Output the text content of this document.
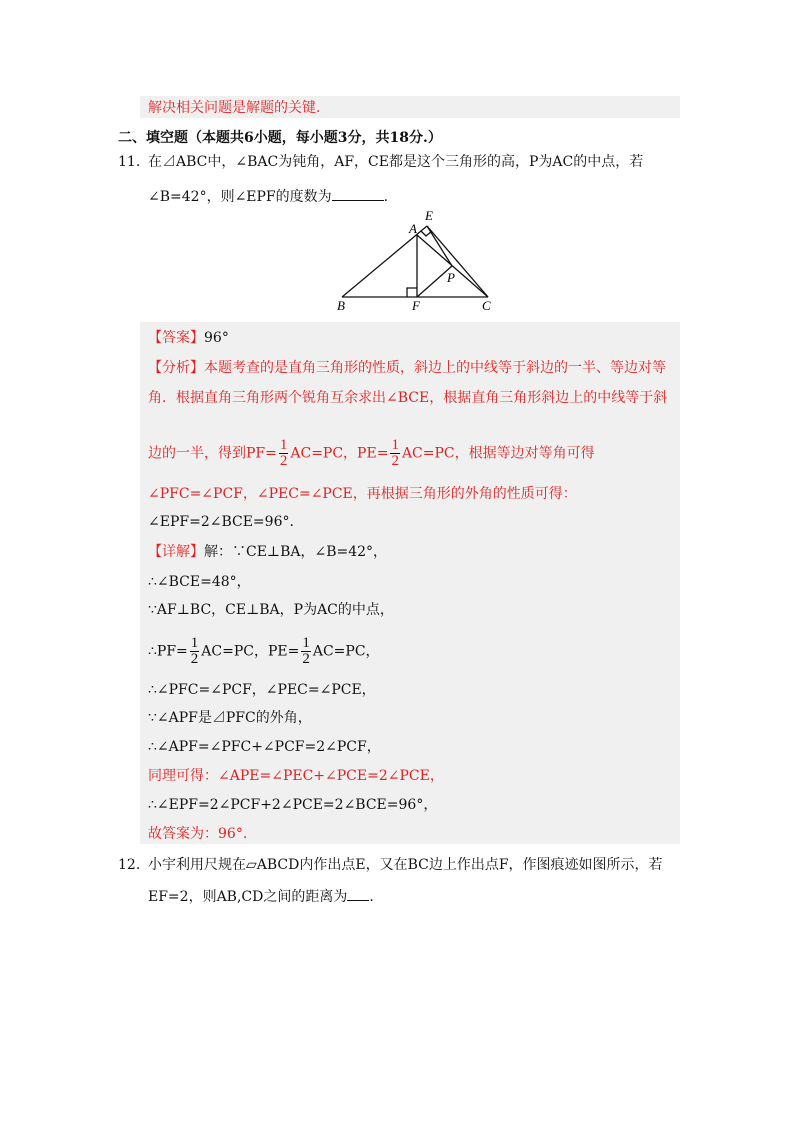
解决相关问题是解题的关键.
二、填空题（本题共6小题，每小题3分，共18分.）
11. 在⊿ABC中，∠BAC为钝角，AF，CE都是这个三角形的高，P为AC的中点，若
∠B=42°，则∠EPF的度数为	.
A
E
P
B	F	C
【答案】96°
【分析】本题考查的是直角三角形的性质，斜边上的中线等于斜边的一半、等边对等
角．根据直角三角形两个锐角互余求出∠BCE，根据直角三角形斜边上的中线等于斜
边的一半，得到$PF= \frac{1}{2} AC=PC$，$PE= \frac{1}{2} AC=PC$，根据等边对等角可得
∠PFC=∠PCF，∠PEC=∠PCE，再根据三角形的外角的性质可得：
∠EPF=2∠BCE=96°.
【详解】解：∵CE⊥BA，∠B=42°，
∴∠BCE=48°，
∵AF⊥BC，CE⊥BA，P为AC的中点，
∴PF= $\frac{1}{2} AC=PC$，$PE= \frac{1}{2} AC=PC$，
∴∠PFC=∠PCF，∠PEC=∠PCE，
∵∠APF是⊿PFC的外角，
∴∠APF=∠PFC+∠PCF=2∠PCF，
同理可得：∠APE=∠PEC+∠PCE=2∠PCE，
∴∠EPF=2∠PCF+2∠PCE=2∠BCE=96°，
故答案为：96°.
12. 小宇利用尺规在▱ABCD内作出点E，又在BC边上作出点F，作图痕迹如图所示，若
EF=2，则AB,CD之间的距离为 .
